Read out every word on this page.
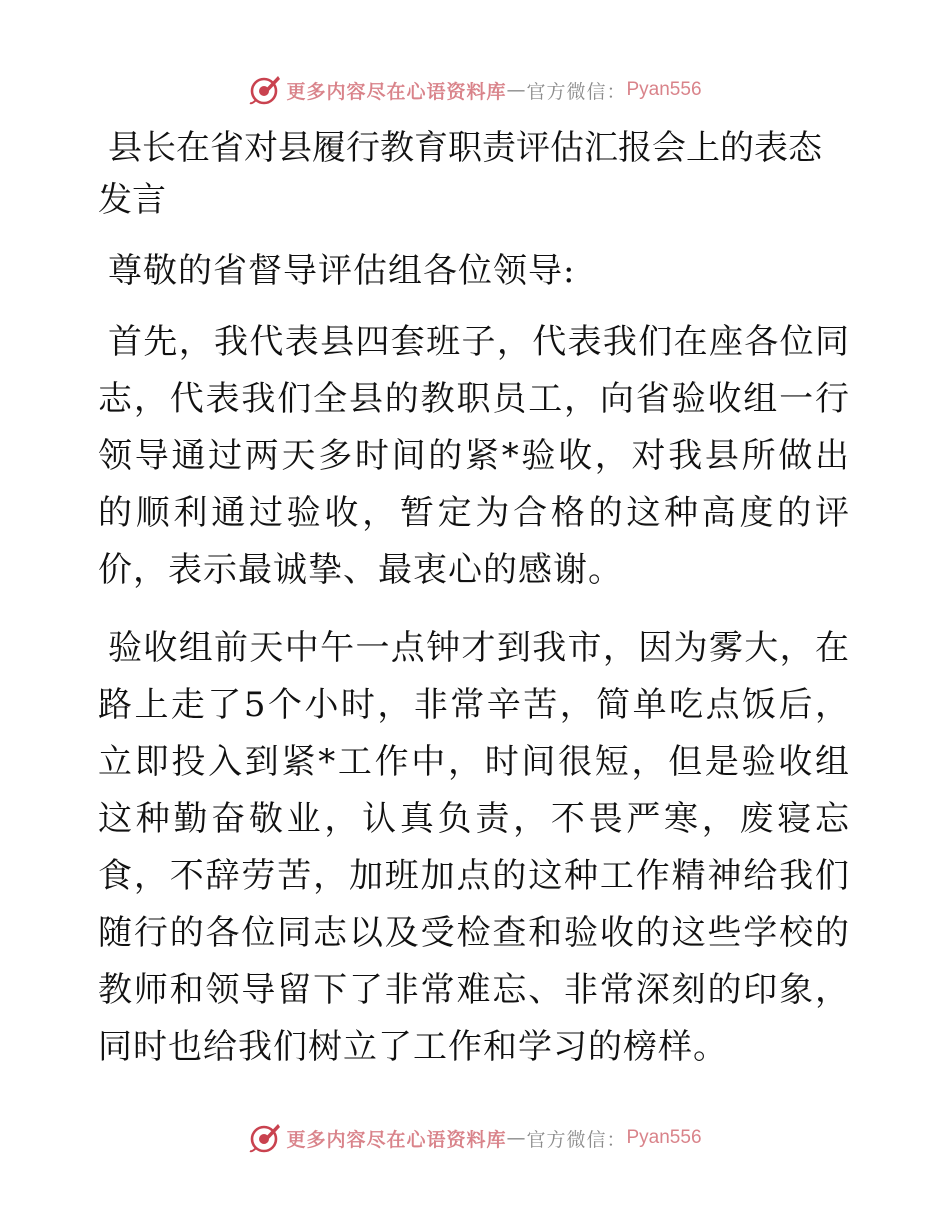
更多内容尽在心语资料库 — 官方微信： Pyan556
县长在省对县履行教育职责评估汇报会上的表态发言

尊敬的省督导评估组各位领导:

首先，我代表县四套班子，代表我们在座各位同志，代表我们全县的教职员工，向省验收组一行领导通过两天多时间的紧*验收，对我县所做出的顺利通过验收，暂定为合格的这种高度的评价，表示最诚挚、最衷心的感谢。

验收组前天中午一点钟才到我市，因为雾大，在路上走了5个小时，非常辛苦，简单吃点饭后，立即投入到紧*工作中，时间很短，但是验收组这种勤奋敬业，认真负责，不畏严寒，废寝忘食，不辞劳苦，加班加点的这种工作精神给我们随行的各位同志以及受检查和验收的这些学校的教师和领导留下了非常难忘、非常深刻的印象，同时也给我们树立了工作和学习的榜样。

更多内容尽在心语资料库 — 官方微信： Pyan556
